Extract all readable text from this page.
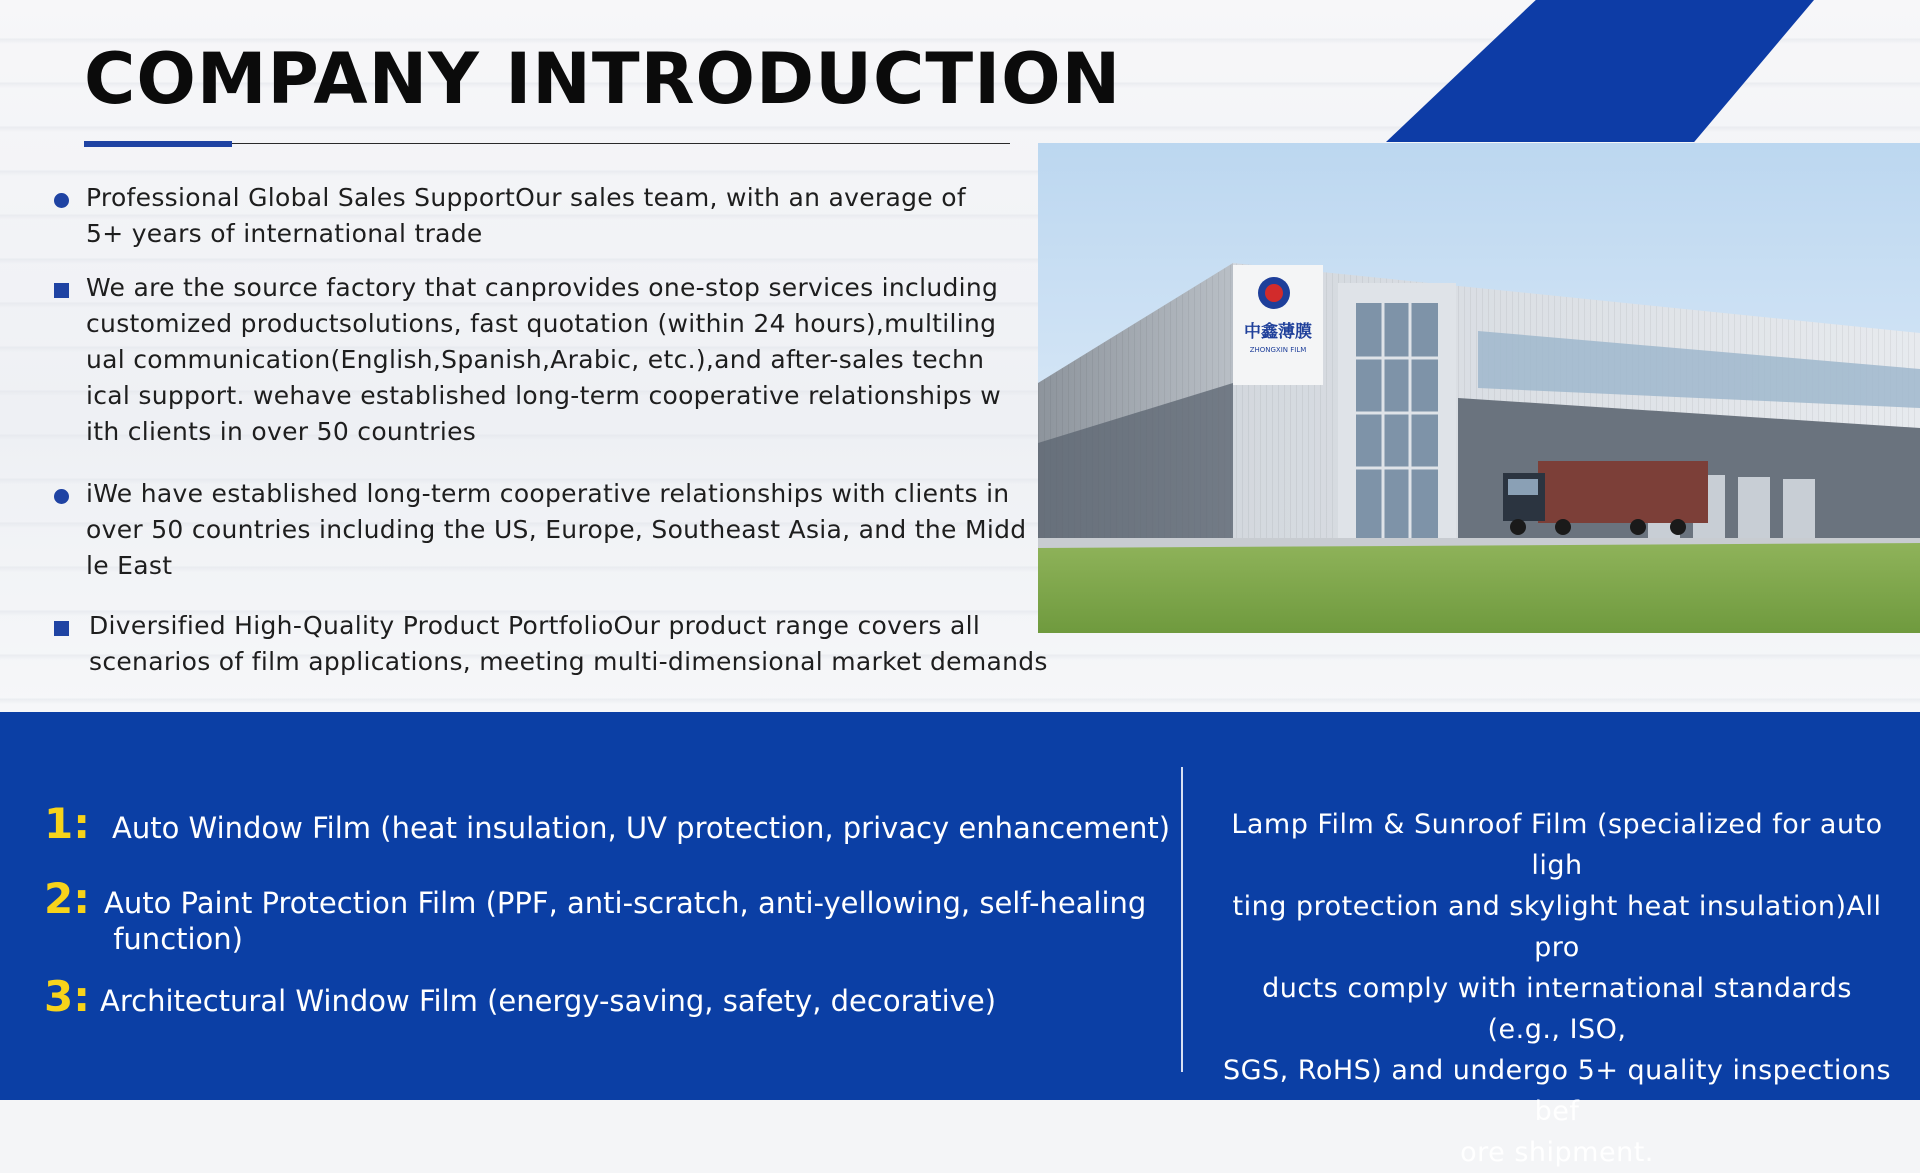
COMPANY INTRODUCTION
Professional Global Sales SupportOur sales team, with an average of
5+ years of international trade
We are the source factory that canprovides one-stop services including
customized productsolutions, fast quotation (within 24 hours),multiling
ual communication(English,Spanish,Arabic, etc.),and after-sales techn
ical support. wehave established long-term cooperative relationships w
ith clients in over 50 countries
iWe have established long-term cooperative relationships with clients in
over 50 countries including the US, Europe, Southeast Asia, and the Midd
le East
Diversified High-Quality Product PortfolioOur product range covers all
scenarios of film applications, meeting multi-dimensional market demands
中鑫薄膜
ZHONGXIN FILM
1: Auto Window Film (heat insulation, UV protection, privacy enhancement)
2: Auto Paint Protection Film (PPF, anti-scratch, anti-yellowing, self-healing
function)
3: Architectural Window Film (energy-saving, safety, decorative)
Lamp Film & Sunroof Film (specialized for auto ligh
ting protection and skylight heat insulation)All pro
ducts comply with international standards (e.g., ISO,
SGS, RoHS) and undergo 5+ quality inspections bef
ore shipment.
